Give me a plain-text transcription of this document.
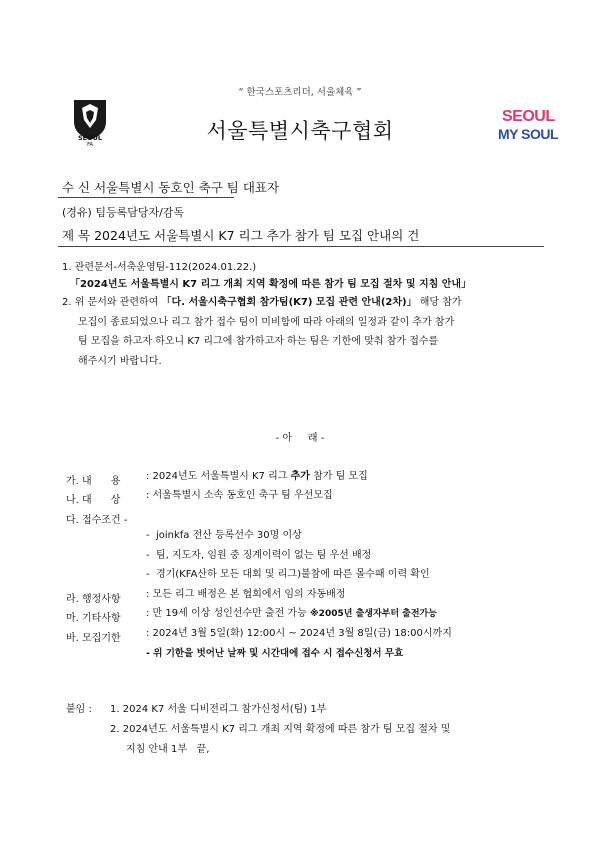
“ 한국스포츠리더, 서울체육 ”
SEOUL
FA
서울특별시축구협회
SEOUL
MY SOUL
수 신 서울특별시 동호인 축구 팀 대표자
(경유) 팀등록담당자/감독
제 목 2024년도 서울특별시 K7 리그 추가 참가 팀 모집 안내의 건
1. 관련문서-서축운영팀-112(2024.01.22.)
「2024년도 서울특별시 K7 리그 개최 지역 확정에 따른 참가 팀 모집 절차 및 지침 안내」
2. 위 문서와 관련하여 「다. 서울시축구협회 참가팀(K7) 모집 관련 안내(2차)」 해당 참가
모집이 종료되었으나 리그 참가 접수 팀이 미비함에 따라 아래의 일정과 같이 추가 참가
팀 모집을 하고자 하오니 K7 리그에 참가하고자 하는 팀은 기한에 맞춰 참가 접수를
해주시기 바랍니다.
- 아     래 -
가. 내      용	: 2024년도 서울특별시 K7 리그 추가 참가 팀 모집
나. 대      상	: 서울특별시 소속 동호인 축구 팀 우선모집
다. 접수조건 -
-  joinkfa 전산 등록선수 30명 이상
-  팀, 지도자, 임원 중 징계이력이 없는 팀 우선 배정
-  경기(KFA산하 모든 대회 및 리그)불참에 따른 몰수패 이력 확인
라. 행정사항	: 모든 리그 배정은 본 협회에서 임의 자동배정
마. 기타사항	: 만 19세 이상 성인선수만 출전 가능 ※2005년 출생자부터 출전가능
바. 모집기한	: 2024년 3월 5일(화) 12:00시 ~ 2024년 3월 8일(금) 18:00시까지
- 위 기한을 벗어난 날짜 및 시간대에 접수 시 접수신청서 무효
붙임 : 1. 2024 K7 서울 디비전리그 참가신청서(팀) 1부
2. 2024년도 서울특별시 K7 리그 개최 지역 확정에 따른 참가 팀 모집 절차 및
지침 안내 1부   끝,
